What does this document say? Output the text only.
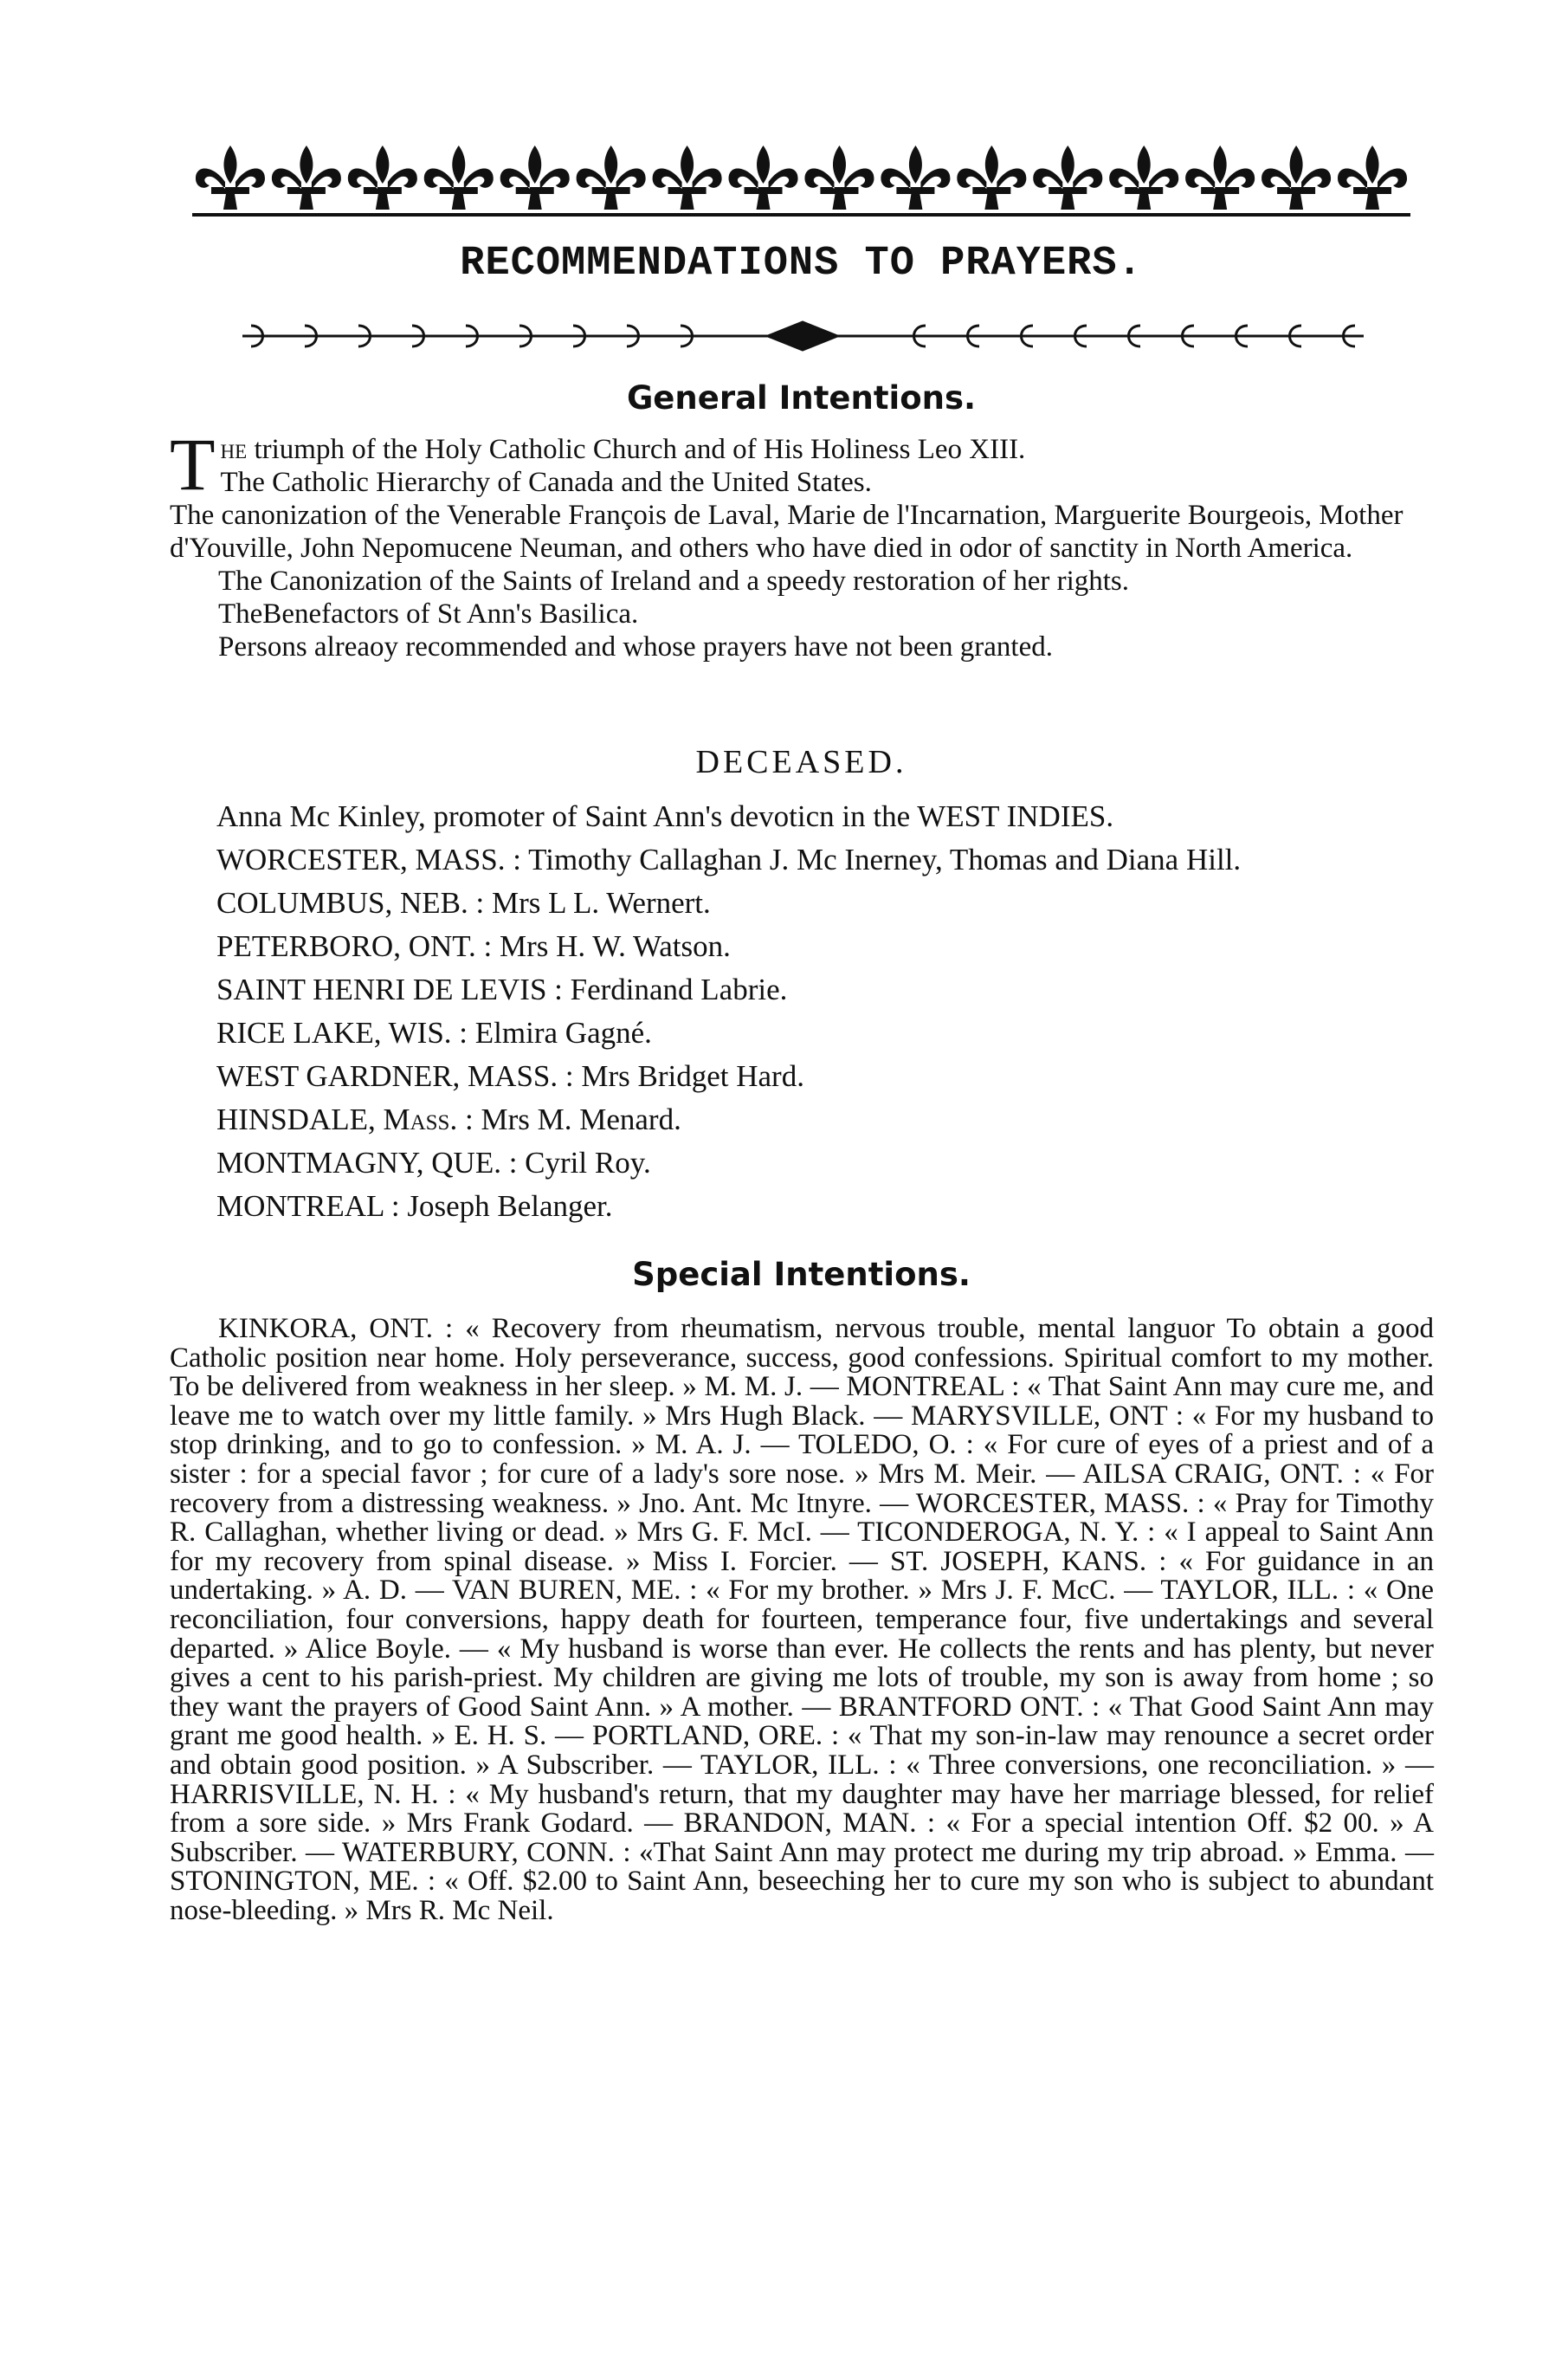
RECOMMENDATIONS TO PRAYERS.
General Intentions.

The triumph of the Holy Catholic Church and of His Holiness Leo XIII.

The Catholic Hierarchy of Canada and the United States.

The canonization of the Venerable François de Laval, Marie de l'Incarnation, Marguerite Bourgeois, Mother d'Youville, John Nepomucene Neuman, and others who have died in odor of sanctity in North America.

The Canonization of the Saints of Ireland and a speedy restoration of her rights.

TheBenefactors of St Ann's Basilica.

Persons alreaoy recommended and whose prayers have not been granted.

DECEASED.

Anna Mc Kinley, promoter of Saint Ann's devoticn in the WEST INDIES.

WORCESTER, MASS. : Timothy Callaghan J. Mc Inerney, Thomas and Diana Hill.

COLUMBUS, NEB. : Mrs L L. Wernert.

PETERBORO, ONT. : Mrs H. W. Watson.

SAINT HENRI DE LEVIS : Ferdinand Labrie.

RICE LAKE, WIS. : Elmira Gagné.

WEST GARDNER, MASS. : Mrs Bridget Hard.

HINSDALE, Mass. : Mrs M. Menard.

MONTMAGNY, QUE. : Cyril Roy.

MONTREAL : Joseph Belanger.

Special Intentions.

KINKORA, ONT. : « Recovery from rheumatism, nervous trouble, mental languor To obtain a good Catholic position near home. Holy perseverance, success, good confessions. Spiritual comfort to my mother. To be delivered from weakness in her sleep. » M. M. J. — MONTREAL : « That Saint Ann may cure me, and leave me to watch over my little family. » Mrs Hugh Black. — MARYSVILLE, ONT : « For my husband to stop drinking, and to go to confession. » M. A. J. — TOLEDO, O. : « For cure of eyes of a priest and of a sister : for a special favor ; for cure of a lady's sore nose. » Mrs M. Meir. — AILSA CRAIG, ONT. : « For recovery from a distressing weakness. » Jno. Ant. Mc Itnyre. — WORCESTER, MASS. : « Pray for Timothy R. Callaghan, whether living or dead. » Mrs G. F. McI. — TICONDEROGA, N. Y. : « I appeal to Saint Ann for my recovery from spinal disease. » Miss I. Forcier. — ST. JOSEPH, KANS. : « For guidance in an undertaking. » A. D. — VAN BUREN, ME. : « For my brother. » Mrs J. F. McC. — TAYLOR, ILL. : « One reconciliation, four conversions, happy death for fourteen, temperance four, five undertakings and several departed. » Alice Boyle. — « My husband is worse than ever. He collects the rents and has plenty, but never gives a cent to his parish-priest. My children are giving me lots of trouble, my son is away from home ; so they want the prayers of Good Saint Ann. » A mother. — BRANTFORD ONT. : « That Good Saint Ann may grant me good health. » E. H. S. — PORTLAND, ORE. : « That my son-in-law may renounce a secret order and obtain good position. » A Subscriber. — TAYLOR, ILL. : « Three conversions, one reconciliation. » — HARRISVILLE, N. H. : « My husband's return, that my daughter may have her marriage blessed, for relief from a sore side. » Mrs Frank Godard. — BRANDON, MAN. : « For a special intention Off. $2 00. » A Subscriber. — WATERBURY, CONN. : «That Saint Ann may protect me during my trip abroad. » Emma. — STONINGTON, ME. : « Off. $2.00 to Saint Ann, beseeching her to cure my son who is subject to abundant nose-bleeding. » Mrs R. Mc Neil.
